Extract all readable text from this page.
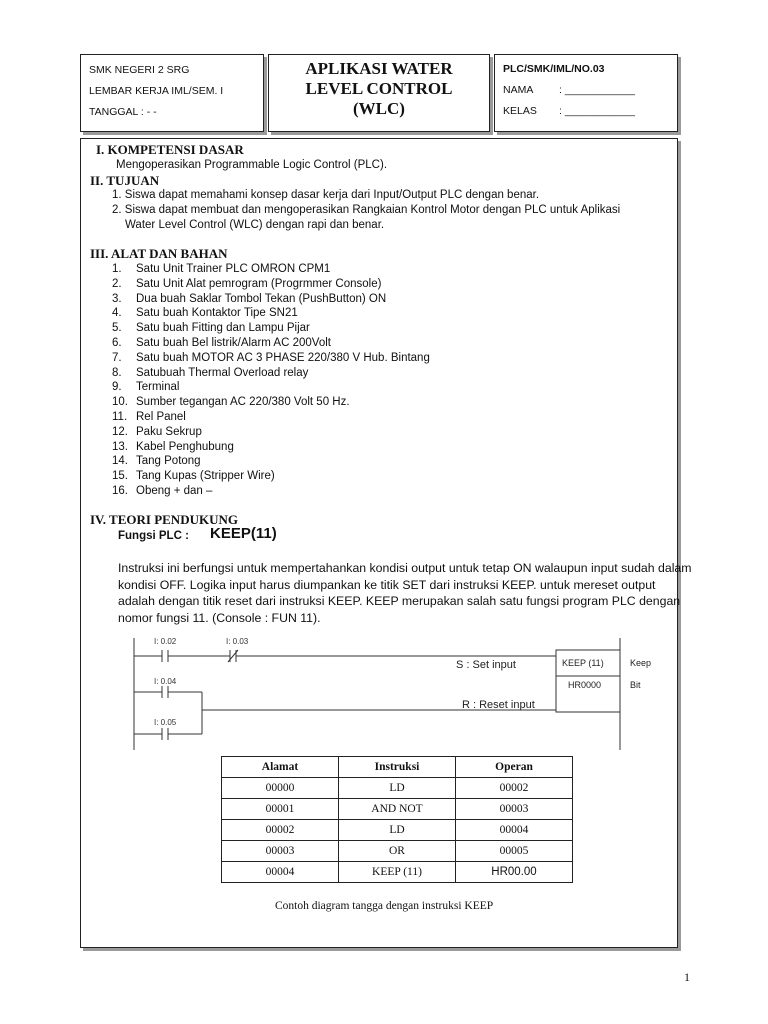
SMK NEGERI 2 SRG
LEMBAR KERJA IML/SEM. I
TANGGAL : - -
APLIKASI WATER
LEVEL CONTROL
(WLC)
PLC/SMK/IML/NO.03
NAMA	: ____________
KELAS	: ____________
I. KOMPETENSI DASAR
Mengoperasikan Programmable Logic Control (PLC).
II. TUJUAN
1. Siswa dapat memahami konsep dasar kerja dari Input/Output PLC dengan benar.
2. Siswa dapat membuat dan mengoperasikan Rangkaian Kontrol Motor dengan PLC untuk Aplikasi
Water Level Control (WLC) dengan rapi dan benar.
III. ALAT DAN BAHAN
1.	Satu Unit Trainer PLC OMRON CPM1
2.	Satu Unit Alat pemrogram (Progrmmer Console)
3.	Dua buah Saklar Tombol Tekan (PushButton) ON
4.	Satu buah Kontaktor Tipe SN21
5.	Satu buah Fitting dan Lampu Pijar
6.	Satu buah Bel listrik/Alarm AC 200Volt
7.	Satu buah MOTOR AC 3 PHASE 220/380 V Hub. Bintang
8.	Satubuah Thermal Overload relay
9.	Terminal
10. Sumber tegangan AC 220/380 Volt 50 Hz.
11. Rel Panel
12. Paku Sekrup
13. Kabel Penghubung
14. Tang Potong
15. Tang Kupas (Stripper Wire)
16. Obeng + dan –
IV. TEORI PENDUKUNG
Fungsi PLC : KEEP(11)
Instruksi ini berfungsi untuk mempertahankan kondisi output untuk tetap ON walaupun input sudah dalam kondisi OFF. Logika input harus diumpankan ke titik SET dari instruksi KEEP. untuk mereset output adalah dengan titik reset dari instruksi KEEP. KEEP merupakan salah satu fungsi program PLC dengan nomor fungsi 11. (Console : FUN 11).
I: 0.02	I: 0.03
I: 0.04
I: 0.05
S : Set input
R : Reset input
KEEP (11)
HR0000
Keep
Bit
Alamat	Instruksi	Operan
00000	LD	00002
00001	AND NOT	00003
00002	LD	00004
00003	OR	00005
00004	KEEP (11)	HR00.00
Contoh diagram tangga dengan instruksi KEEP
1
